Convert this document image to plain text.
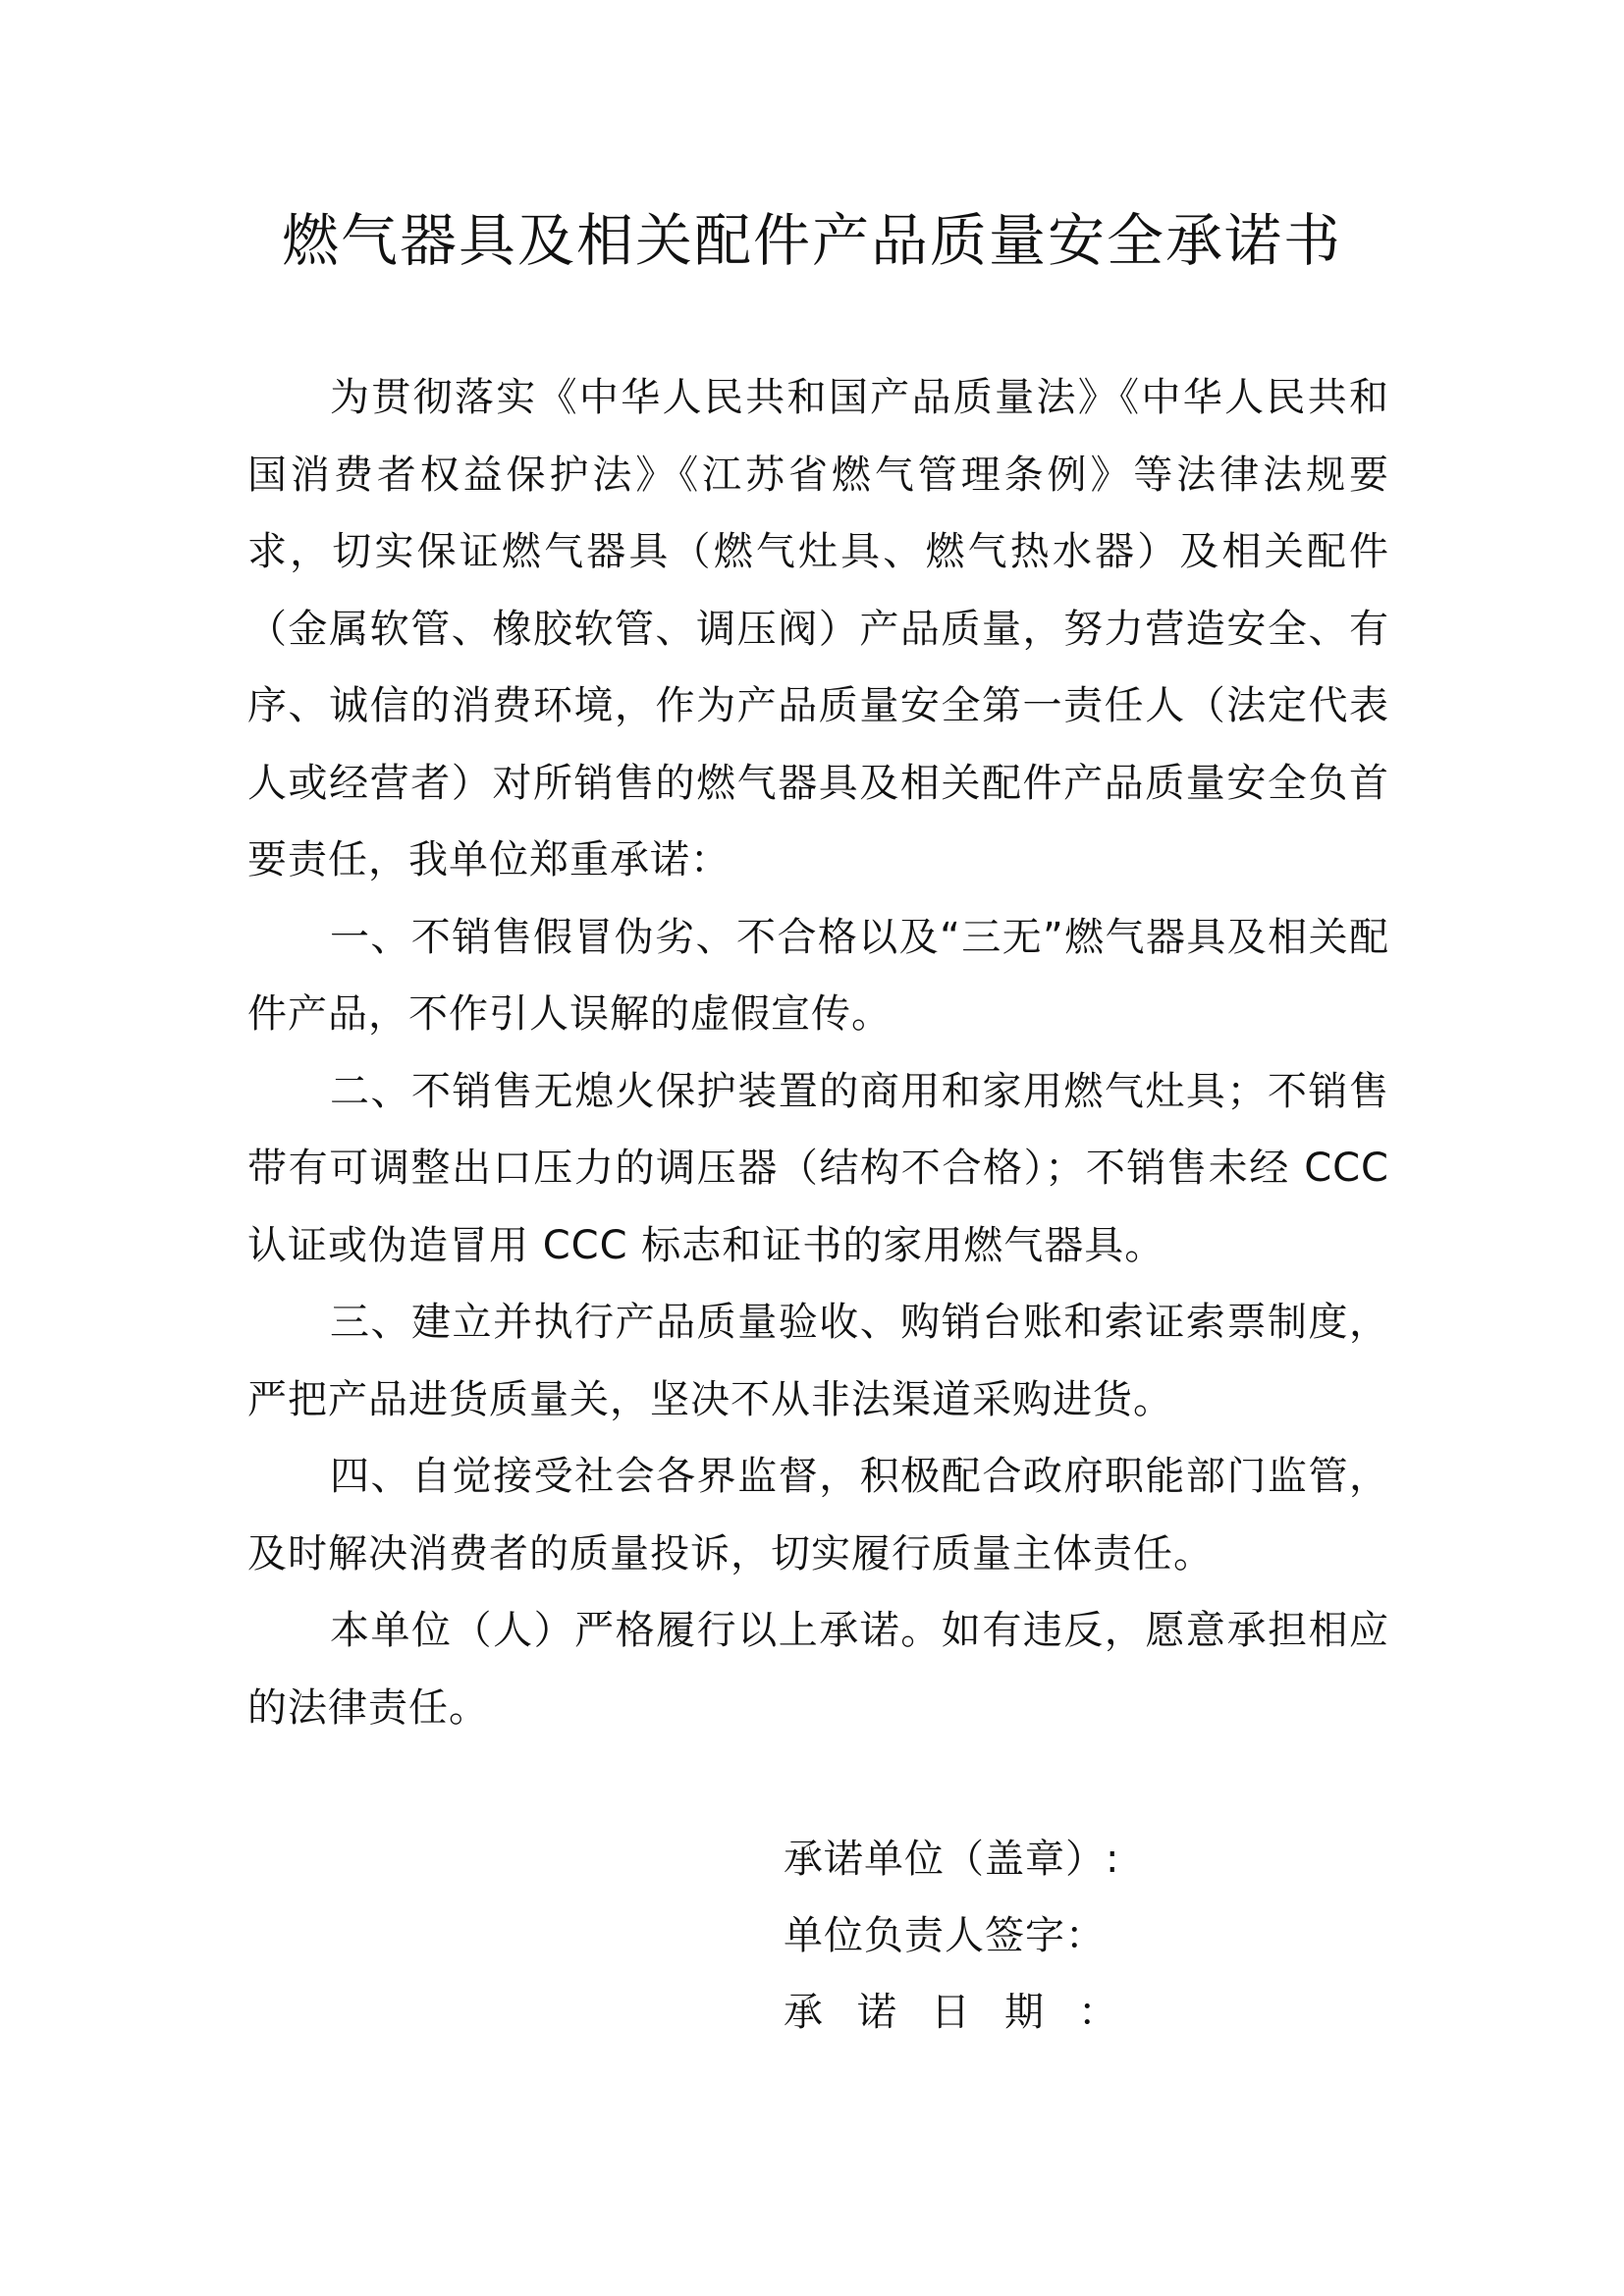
燃气器具及相关配件产品质量安全承诺书

为贯彻落实《中华人民共和国产品质量法》《中华人民共和国消费者权益保护法》《江苏省燃气管理条例》等法律法规要求，切实保证燃气器具（燃气灶具、燃气热水器）及相关配件（金属软管、橡胶软管、调压阀）产品质量，努力营造安全、有序、诚信的消费环境，作为产品质量安全第一责任人（法定代表人或经营者）对所销售的燃气器具及相关配件产品质量安全负首要责任，我单位郑重承诺：

一、不销售假冒伪劣、不合格以及“三无”燃气器具及相关配件产品，不作引人误解的虚假宣传。

二、不销售无熄火保护装置的商用和家用燃气灶具；不销售带有可调整出口压力的调压器（结构不合格）；不销售未经 CCC 认证或伪造冒用 CCC 标志和证书的家用燃气器具。

三、建立并执行产品质量验收、购销台账和索证索票制度，严把产品进货质量关，坚决不从非法渠道采购进货。

四、自觉接受社会各界监督，积极配合政府职能部门监管，及时解决消费者的质量投诉，切实履行质量主体责任。

本单位（人）严格履行以上承诺。如有违反，愿意承担相应的法律责任。

承诺单位（盖章）:
单位负责人签字：
承诺日期：
